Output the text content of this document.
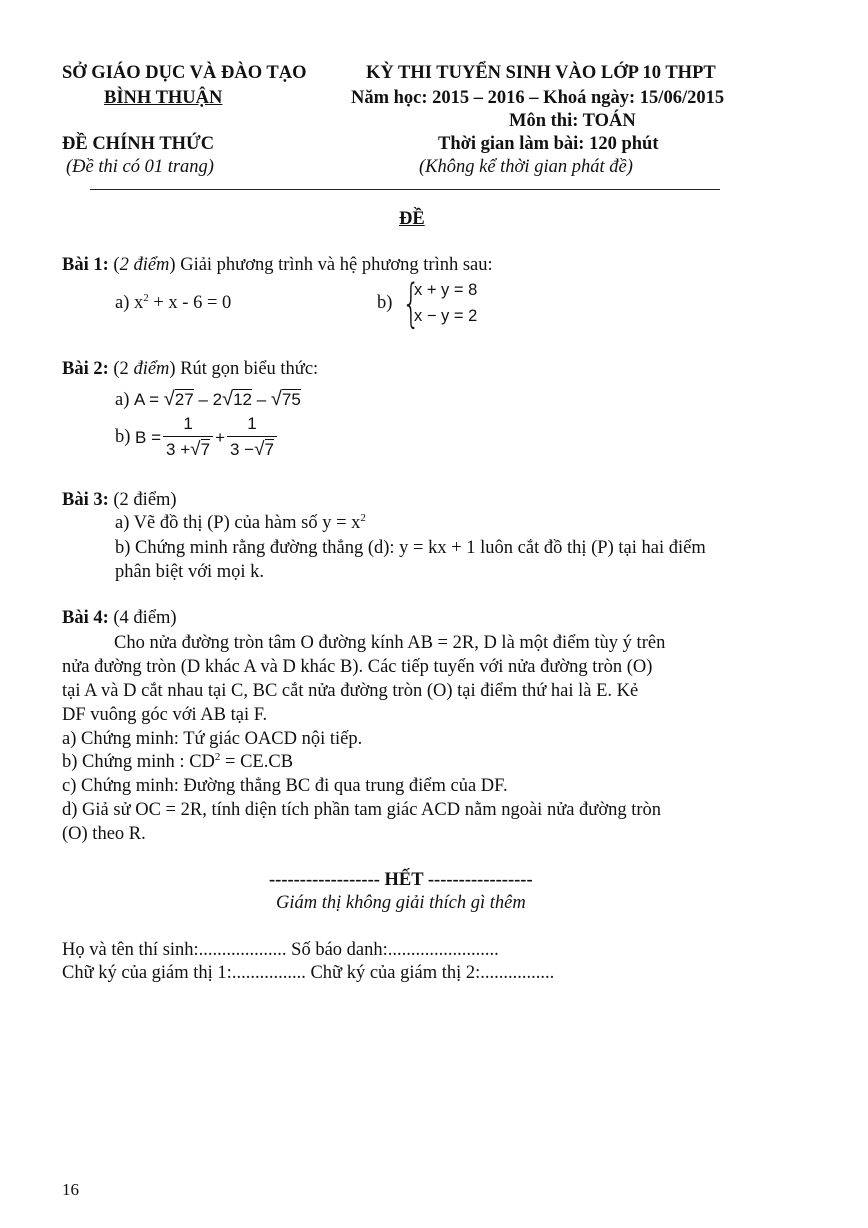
SỞ GIÁO DỤC VÀ ĐÀO TẠO
BÌNH THUẬN
ĐỀ CHÍNH THỨC
(Đề thi có 01 trang)
KỲ THI TUYỂN SINH VÀO LỚP 10 THPT
Năm học: 2015 – 2016 – Khoá ngày: 15/06/2015
Môn thi: TOÁN
Thời gian làm bài: 120 phút
(Không kể thời gian phát đề)
ĐỀ
Bài 1: (2 điểm) Giải phương trình và hệ phương trình sau:
a) $x^2 + x - 6 = 0$	b) {
x + y = 8
x − y = 2
Bài 2: (2 điểm) Rút gọn biểu thức:
a) A = √27 – 2√12 – √75
b)
$B = \frac{1}{3 +√7} + \frac{1}{3 -√7}$
Bài 3: (2 điểm)
a) Vẽ đồ thị (P) của hàm số $y = x^2$
b) Chứng minh rằng đường thẳng (d): y = kx + 1 luôn cắt đồ thị (P) tại hai điểm
phân biệt với mọi k.
Bài 4: (4 điểm)
Cho nửa đường tròn tâm O đường kính AB = 2R, D là một điểm tùy ý trên
nửa đường tròn (D khác A và D khác B). Các tiếp tuyến với nửa đường tròn (O)
tại A và D cắt nhau tại C, BC cắt nửa đường tròn (O) tại điểm thứ hai là E. Kẻ
DF vuông góc với AB tại F.
a) Chứng minh: Tứ giác OACD nội tiếp.
b) Chứng minh : $CD^2 = CE.CB$
c) Chứng minh: Đường thẳng BC đi qua trung điểm của DF.
d) Giả sử OC = 2R, tính diện tích phần tam giác ACD nằm ngoài nửa đường tròn
(O) theo R.
------------------ HẾT -----------------
Giám thị không giải thích gì thêm
Họ và tên thí sinh:................... Số báo danh:........................
Chữ ký của giám thị 1:................ Chữ ký của giám thị 2:................
16
